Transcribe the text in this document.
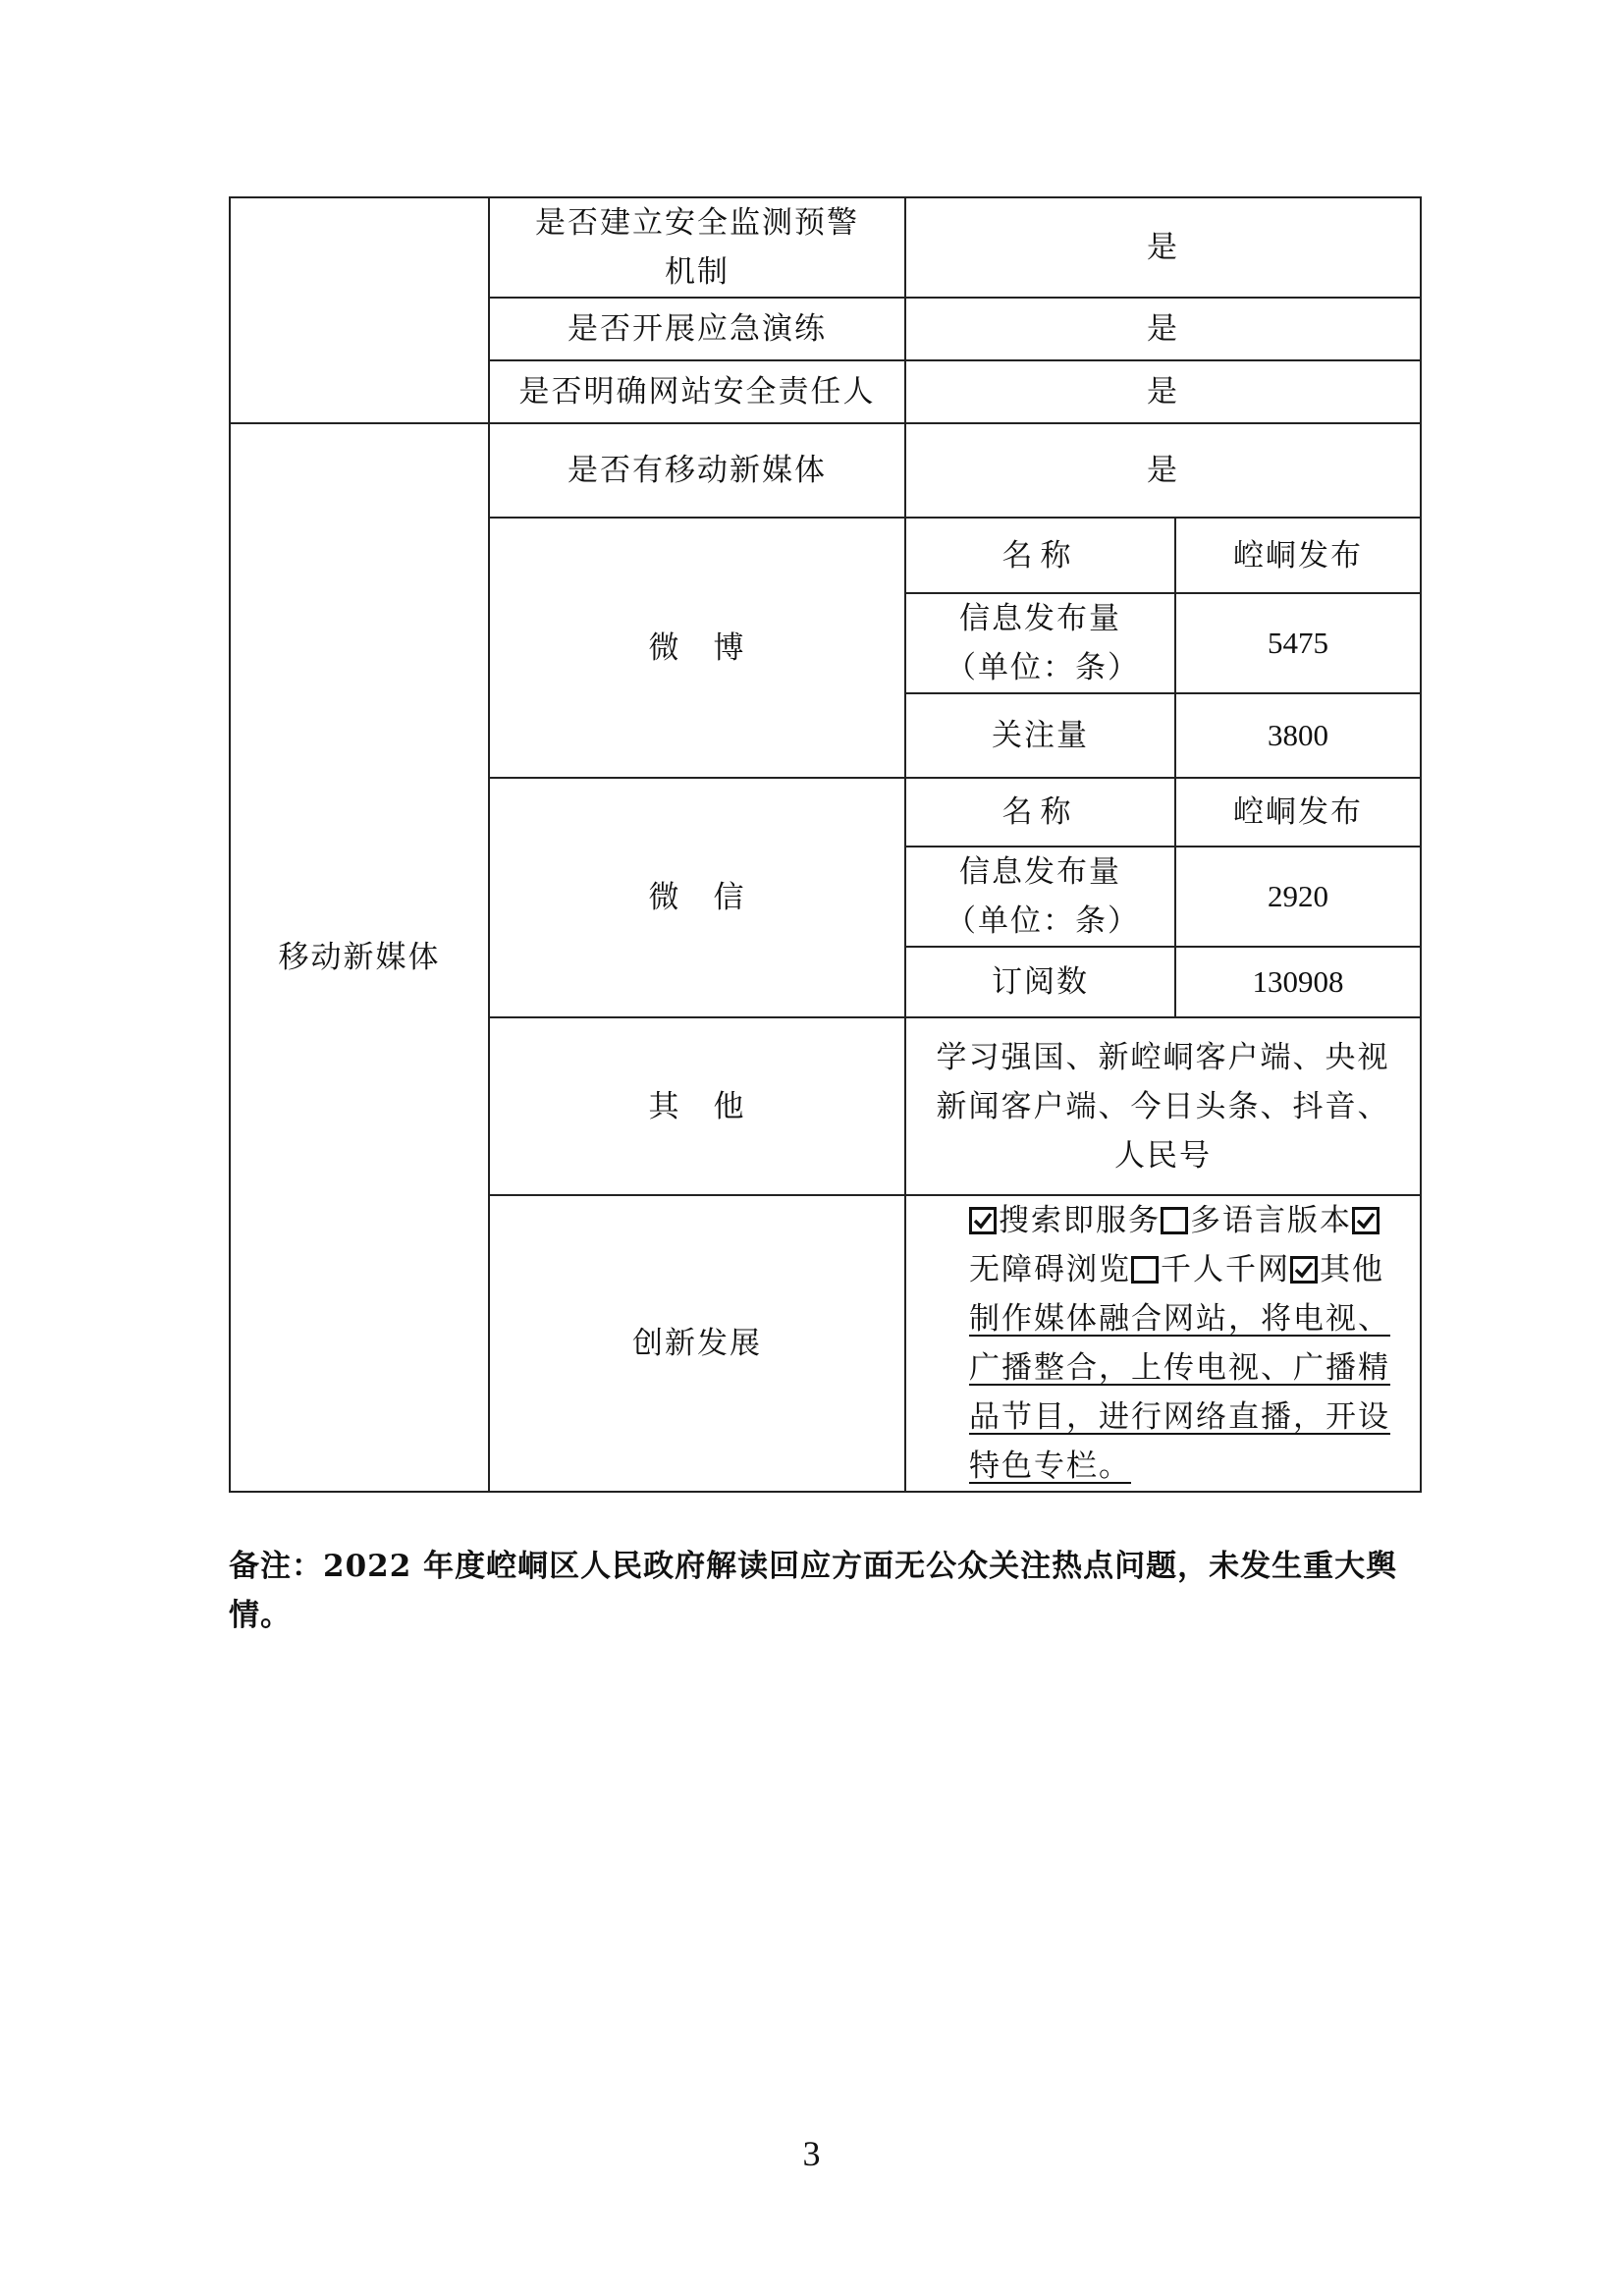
	是否建立安全监测预警机制	是	
	是否开展应急演练	是	
	是否明确网站安全责任人	是	
移动新媒体	是否有移动新媒体	是	
	微　博	名称	崆峒发布
		信息发布量（单位：条）	5475
		关注量	3800
	微　信	名称	崆峒发布
		信息发布量（单位：条）	2920
		订阅数	130908
	其　他	学习强国、新崆峒客户端、央视新闻客户端、今日头条、抖音、人民号	
	创新发展	搜索即服务 多语言版本
无障碍浏览 千人千网 其他制作媒体融合网站，将电视、广播整合，上传电视、广播精品节目，进行网络直播，开设特色专栏。	
备注：2022 年度崆峒区人民政府解读回应方面无公众关注热点问题，未发生重大舆情。
3
